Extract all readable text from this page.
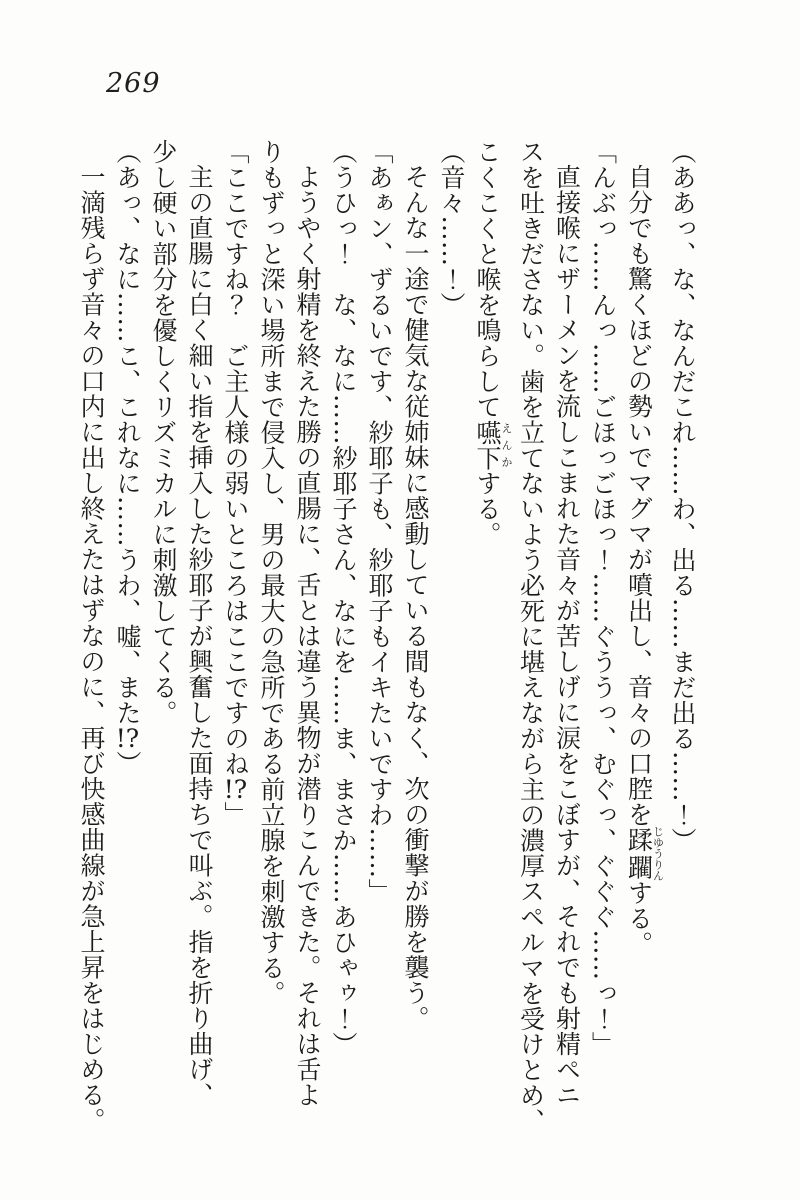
269
（ああっ、な、なんだこれ……わ、出る……まだ出る……！）
自分でも驚くほどの勢いでマグマが噴出し、音々の口腔を蹂躙じゆうりんする。
「んぶっ……んっ……ごほっごほっ！……ぐううっ、むぐっ、ぐぐぐ……っ！」
直接喉にザーメンを流しこまれた音々が苦しげに涙をこぼすが、それでも射精ペニ
スを吐きださない。歯を立てないよう必死に堪えながら主の濃厚スペルマを受けとめ、
こくこくと喉を鳴らして嚥下えんかする。
（音々……！）
そんな一途で健気な従姉妹に感動している間もなく、次の衝撃が勝を襲う。
「あぁン、ずるいです、紗耶子も、紗耶子もイキたいですわ……」
（うひっ！　な、なに……紗耶子さん、なにを……ま、まさか……あひゃゥ！）
ようやく射精を終えた勝の直腸に、舌とは違う異物が潜りこんできた。それは舌よ
りもずっと深い場所まで侵入し、男の最大の急所である前立腺を刺激する。
「ここですね？　ご主人様の弱いところはここですのね!?」
主の直腸に白く細い指を挿入した紗耶子が興奮した面持ちで叫ぶ。指を折り曲げ、
少し硬い部分を優しくリズミカルに刺激してくる。
（あっ、なに……こ、これなに……うわ、嘘、また!?）
一滴残らず音々の口内に出し終えたはずなのに、再び快感曲線が急上昇をはじめる。
